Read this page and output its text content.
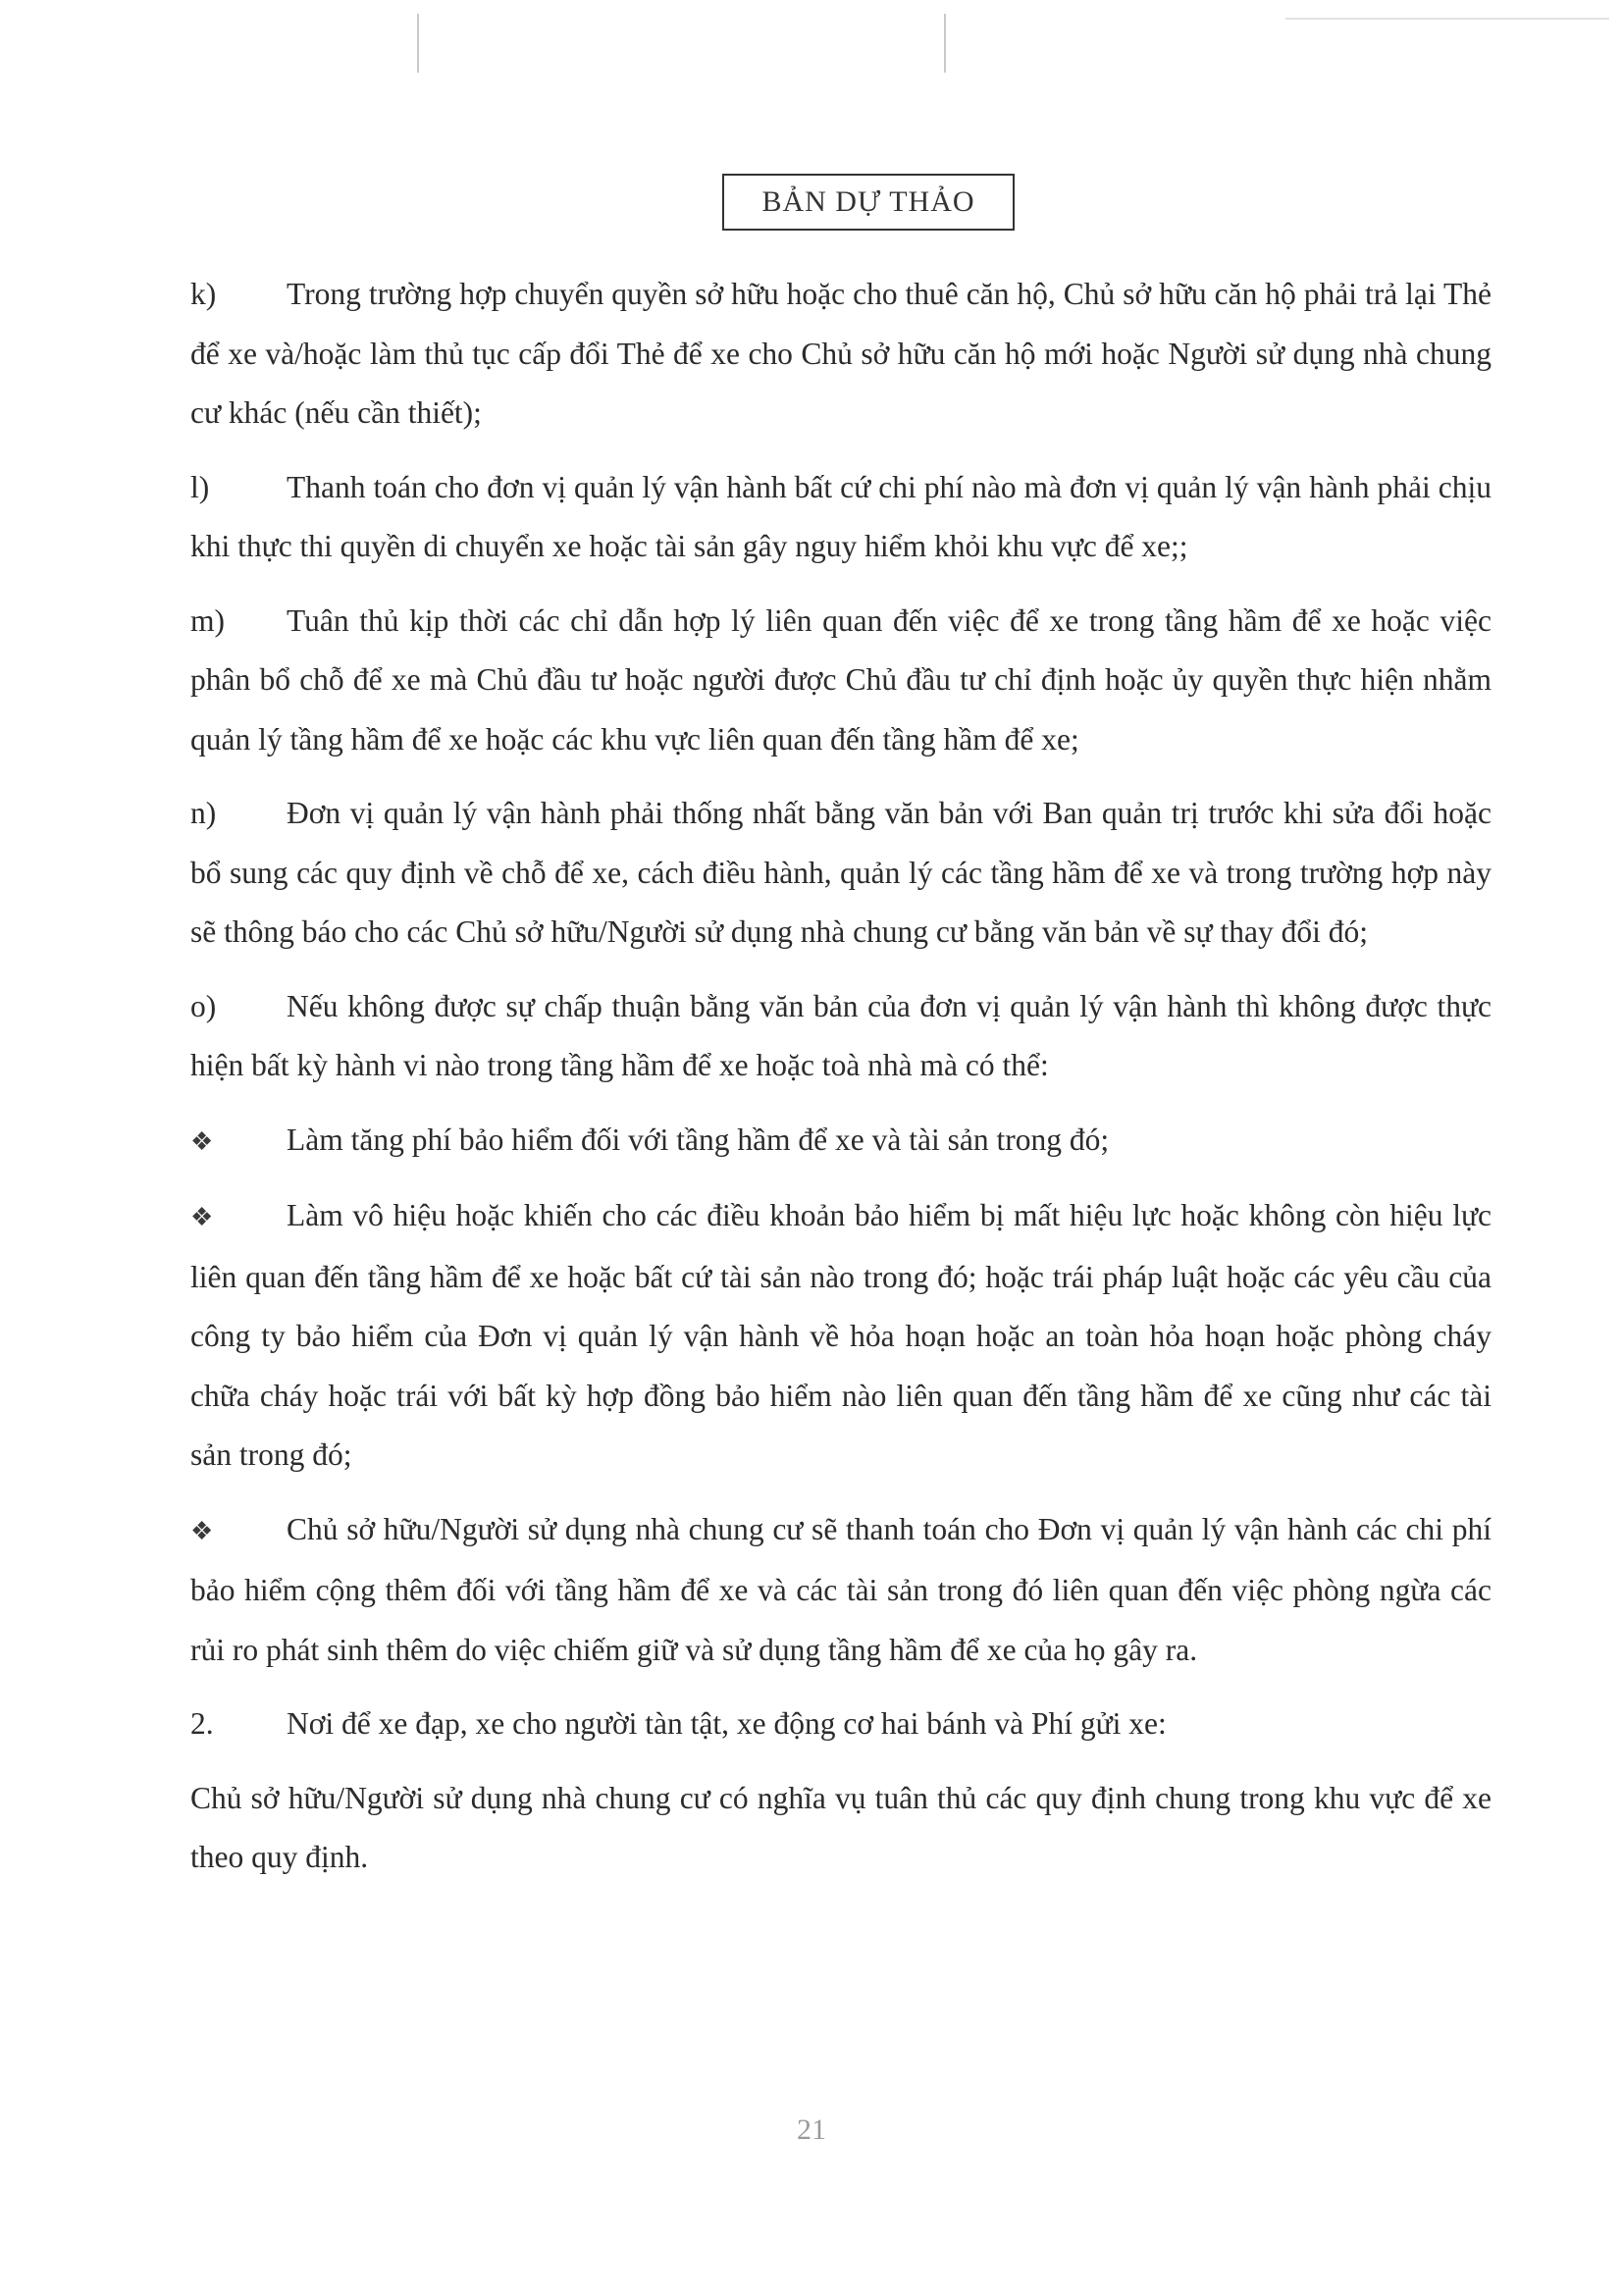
BẢN DỰ THẢO

k) Trong trường hợp chuyển quyền sở hữu hoặc cho thuê căn hộ, Chủ sở hữu căn hộ phải trả lại Thẻ để xe và/hoặc làm thủ tục cấp đổi Thẻ để xe cho Chủ sở hữu căn hộ mới hoặc Người sử dụng nhà chung cư khác (nếu cần thiết);

l)	Thanh toán cho đơn vị quản lý vận hành bất cứ chi phí nào mà đơn vị quản lý vận hành phải chịu khi thực thi quyền di chuyển xe hoặc tài sản gây nguy hiểm khỏi khu vực để xe;;

m) Tuân thủ kịp thời các chỉ dẫn hợp lý liên quan đến việc để xe trong tầng hầm để xe hoặc việc phân bổ chỗ để xe mà Chủ đầu tư hoặc người được Chủ đầu tư chỉ định hoặc ủy quyền thực hiện nhằm quản lý tầng hầm để xe hoặc các khu vực liên quan đến tầng hầm để xe;

n) Đơn vị quản lý vận hành phải thống nhất bằng văn bản với Ban quản trị trước khi sửa đổi hoặc bổ sung các quy định về chỗ để xe, cách điều hành, quản lý các tầng hầm để xe và trong trường hợp này sẽ thông báo cho các Chủ sở hữu/Người sử dụng nhà chung cư bằng văn bản về sự thay đổi đó;

o) Nếu không được sự chấp thuận bằng văn bản của đơn vị quản lý vận hành thì không được thực hiện bất kỳ hành vi nào trong tầng hầm để xe hoặc toà nhà mà có thể:

❖ Làm tăng phí bảo hiểm đối với tầng hầm để xe và tài sản trong đó;

❖ Làm vô hiệu hoặc khiến cho các điều khoản bảo hiểm bị mất hiệu lực hoặc không còn hiệu lực liên quan đến tầng hầm để xe hoặc bất cứ tài sản nào trong đó; hoặc trái pháp luật hoặc các yêu cầu của công ty bảo hiểm của Đơn vị quản lý vận hành về hỏa hoạn hoặc an toàn hỏa hoạn hoặc phòng cháy chữa cháy hoặc trái với bất kỳ hợp đồng bảo hiểm nào liên quan đến tầng hầm để xe cũng như các tài sản trong đó;

❖ Chủ sở hữu/Người sử dụng nhà chung cư sẽ thanh toán cho Đơn vị quản lý vận hành các chi phí bảo hiểm cộng thêm đối với tầng hầm để xe và các tài sản trong đó liên quan đến việc phòng ngừa các rủi ro phát sinh thêm do việc chiếm giữ và sử dụng tầng hầm để xe của họ gây ra.

2. Nơi để xe đạp, xe cho người tàn tật, xe động cơ hai bánh và Phí gửi xe:

Chủ sở hữu/Người sử dụng nhà chung cư có nghĩa vụ tuân thủ các quy định chung trong khu vực để xe theo quy định.

21
